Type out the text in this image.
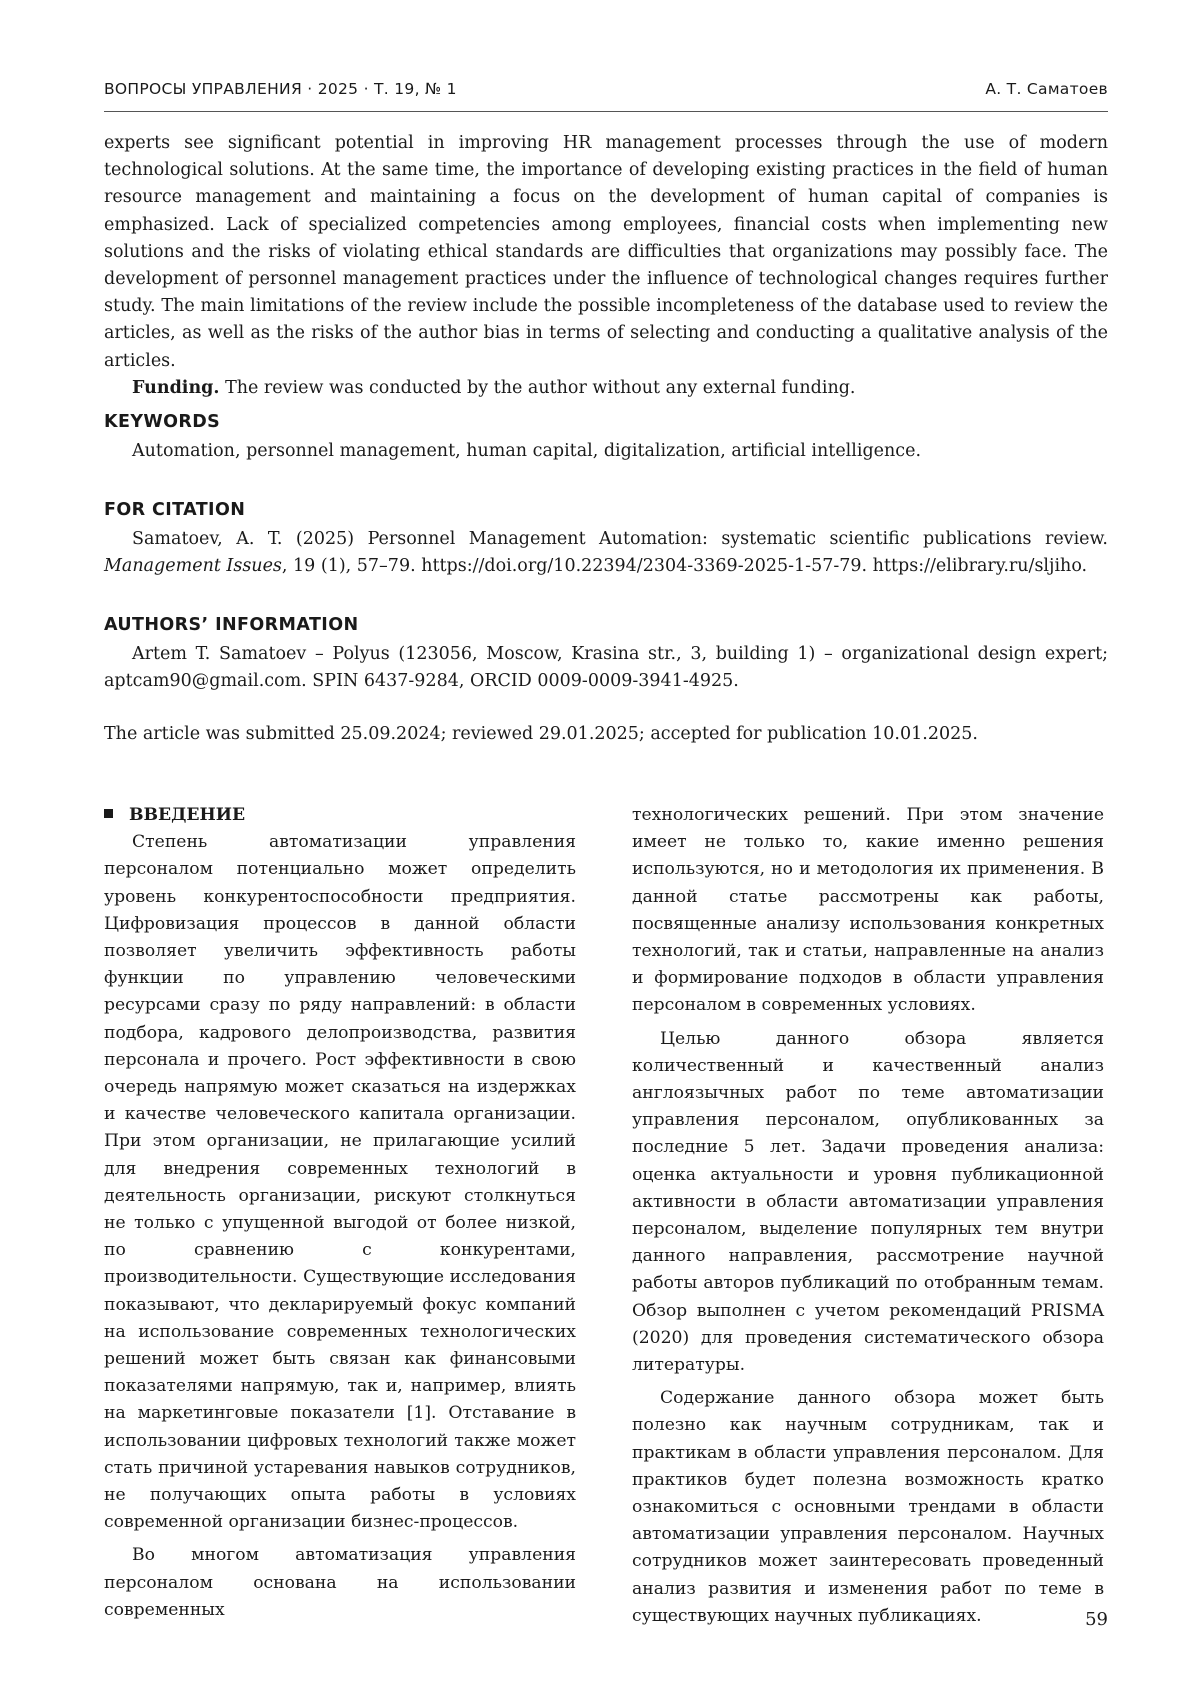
ВОПРОСЫ УПРАВЛЕНИЯ · 2025 · Т. 19, № 1	А. Т. Саматоев

experts see significant potential in improving HR management processes through the use of modern technological solutions. At the same time, the importance of developing existing practices in the field of human resource management and maintaining a focus on the development of human capital of companies is emphasized. Lack of specialized competencies among employees, financial costs when implementing new solutions and the risks of violating ethical standards are difficulties that organizations may possibly face. The development of personnel management practices under the influence of technological changes requires further study. The main limitations of the review include the possible incompleteness of the database used to review the articles, as well as the risks of the author bias in terms of selecting and conducting a qualitative analysis of the articles.

Funding. The review was conducted by the author without any external funding.

KEYWORDS

Automation, personnel management, human capital, digitalization, artificial intelligence.

FOR CITATION

Samatoev, A. T. (2025) Personnel Management Automation: systematic scientific publications review. Management Issues, 19 (1), 57–79. https://doi.org/10.22394/2304-3369-2025-1-57-79. https://elibrary.ru/sljiho.

AUTHORS’ INFORMATION

Artem T. Samatoev – Polyus (123056, Moscow, Krasina str., 3, building 1) – organizational design expert; aptcam90@gmail.com. SPIN 6437-9284, ORCID 0009-0009-3941-4925.

The article was submitted 25.09.2024; reviewed 29.01.2025; accepted for publication 10.01.2025.

ВВЕДЕНИЕ

Степень автоматизации управления персоналом потенциально может определить уровень конкурентоспособности предприятия. Цифровизация процессов в данной области позволяет увеличить эффективность работы функции по управлению человеческими ресурсами сразу по ряду направлений: в области подбора, кадрового делопроизводства, развития персонала и прочего. Рост эффективности в свою очередь напрямую может сказаться на издержках и качестве человеческого капитала организации. При этом организации, не прилагающие усилий для внедрения современных технологий в деятельность организации, рискуют столкнуться не только с упущенной выгодой от более низкой, по сравнению с конкурентами, производительности. Существующие исследования показывают, что декларируемый фокус компаний на использование современных технологических решений может быть связан как финансовыми показателями напрямую, так и, например, влиять на маркетинговые показатели [1]. Отставание в использовании цифровых технологий также может стать причиной устаревания навыков сотрудников, не получающих опыта работы в условиях современной организации бизнес-процессов.

Во многом автоматизация управления персоналом основана на использовании современных

технологических решений. При этом значение имеет не только то, какие именно решения используются, но и методология их применения. В данной статье рассмотрены как работы, посвященные анализу использования конкретных технологий, так и статьи, направленные на анализ и формирование подходов в области управления персоналом в современных условиях.

Целью данного обзора является количественный и качественный анализ англоязычных работ по теме автоматизации управления персоналом, опубликованных за последние 5 лет. Задачи проведения анализа: оценка актуальности и уровня публикационной активности в области автоматизации управления персоналом, выделение популярных тем внутри данного направления, рассмотрение научной работы авторов публикаций по отобранным темам. Обзор выполнен с учетом рекомендаций PRISMA (2020) для проведения систематического обзора литературы.

Содержание данного обзора может быть полезно как научным сотрудникам, так и практикам в области управления персоналом. Для практиков будет полезна возможность кратко ознакомиться с основными трендами в области автоматизации управления персоналом. Научных сотрудников может заинтересовать проведенный анализ развития и изменения работ по теме в существующих научных публикациях.	59
